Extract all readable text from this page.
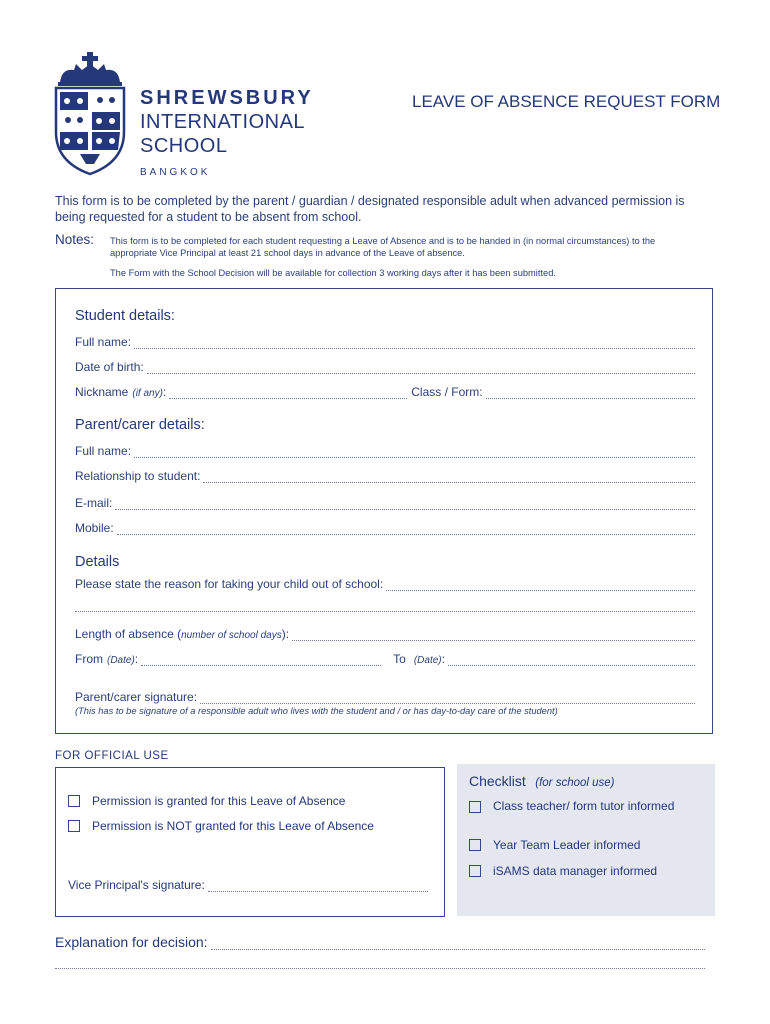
SHREWSBURY
INTERNATIONAL
SCHOOL
BANGKOK
LEAVE OF ABSENCE REQUEST FORM
This form is to be completed by the parent / guardian / designated responsible adult when advanced permission is being requested for a student to be absent from school.
Notes: This form is to be completed for each student requesting a Leave of Absence and is to be handed in (in normal circumstances) to the appropriate Vice Principal at least 21 school days in advance of the Leave of absence.

The Form with the School Decision will be available for collection 3 working days after it has been submitted.

Student details:
Full name:
Date of birth:
Nickname (if any) :	Class / Form:
Parent/carer details:
Full name:
Relationship to student:
E-mail:
Mobile:
Details
Please state the reason for taking your child out of school:
Length of absence ( number of school days ):
From (Date) :	To (Date) :
Parent/carer signature:
(This has to be signature of a responsible adult who lives with the student and / or has day-to-day care of the student)
FOR OFFICIAL USE
Permission is granted for this Leave of Absence
Permission is NOT granted for this Leave of Absence
Vice Principal's signature:
Checklist (for school use)
Class teacher/ form tutor informed
Year Team Leader informed
iSAMS data manager informed
Explanation for decision:
